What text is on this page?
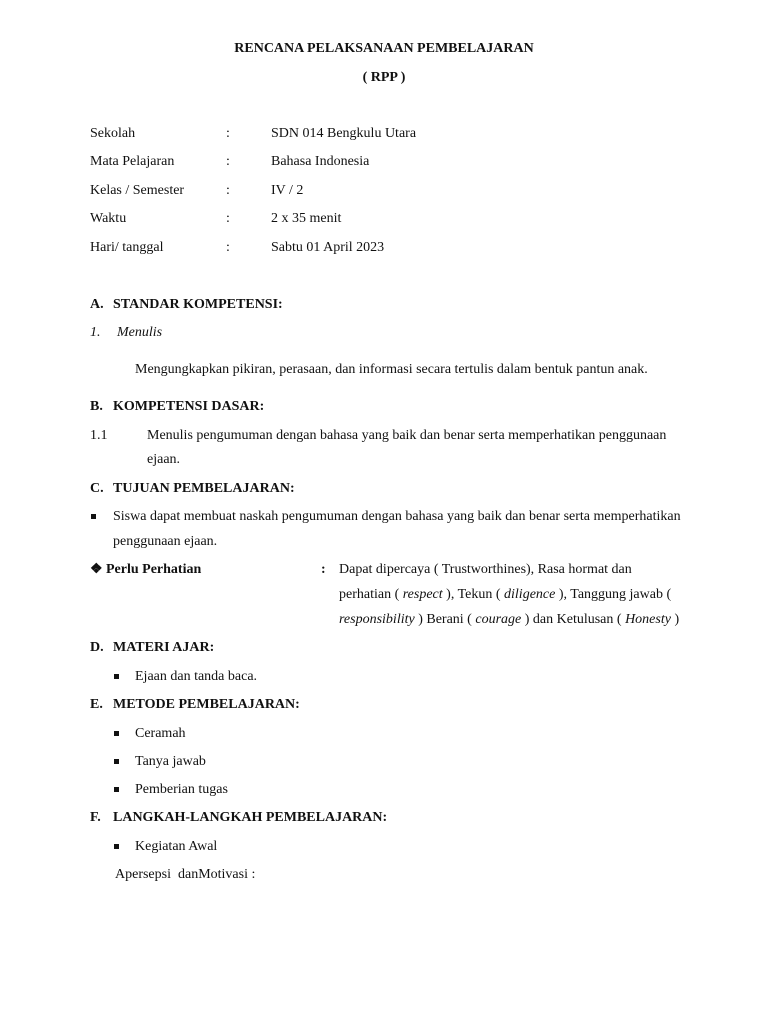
RENCANA PELAKSANAAN PEMBELAJARAN
( RPP )
Sekolah	:	SDN 014 Bengkulu Utara
Mata Pelajaran	:	Bahasa Indonesia
Kelas / Semester	:	IV / 2
Waktu	:	2 x 35 menit
Hari/ tanggal	:	Sabtu 01 April 2023
A. STANDAR KOMPETENSI:
1. Menulis
Mengungkapkan pikiran, perasaan, dan informasi secara tertulis dalam bentuk pantun anak.
B. KOMPETENSI DASAR:
1.1	Menulis pengumuman dengan bahasa yang baik dan benar serta memperhatikan penggunaan
ejaan.
C. TUJUAN PEMBELAJARAN:
Siswa dapat membuat naskah pengumuman dengan bahasa yang baik dan benar serta memperhatikan
penggunaan ejaan.
❖ Perlu Perhatian	: Dapat dipercaya ( Trustworthines), Rasa hormat dan
perhatian ( respect ), Tekun ( diligence ), Tanggung jawab (
responsibility ) Berani ( courage ) dan Ketulusan ( Honesty )
D. MATERI AJAR:
Ejaan dan tanda baca.
E. METODE PEMBELAJARAN:
Ceramah
Tanya jawab
Pemberian tugas
F. LANGKAH-LANGKAH PEMBELAJARAN:
Kegiatan Awal
Apersepsi  danMotivasi :
